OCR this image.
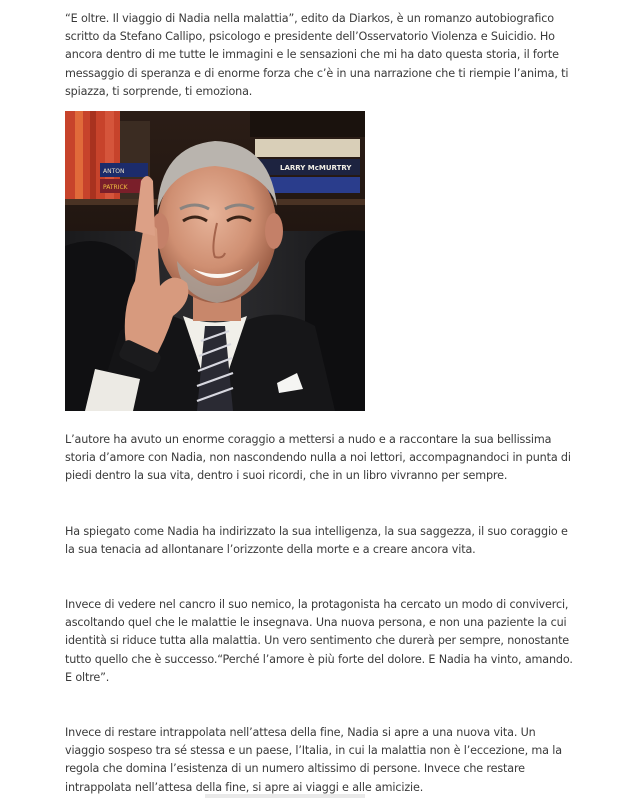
“E oltre. Il viaggio di Nadia nella malattia”, edito da Diarkos, è un romanzo autobiografico scritto da Stefano Callipo, psicologo e presidente dell’Osservatorio Violenza e Suicidio. Ho ancora dentro di me tutte le immagini e le sensazioni che mi ha dato questa storia, il forte messaggio di speranza e di enorme forza che c’è in una narrazione che ti riempie l’anima, ti spiazza, ti sorprende, ti emoziona.

ANTON
PATRICK
LARRY McMURTRY

L’autore ha avuto un enorme coraggio a mettersi a nudo e a raccontare la sua bellissima storia d’amore con Nadia, non nascondendo nulla a noi lettori, accompagnandoci in punta di piedi dentro la sua vita, dentro i suoi ricordi, che in un libro vivranno per sempre.

Ha spiegato come Nadia ha indirizzato la sua intelligenza, la sua saggezza, il suo coraggio e la sua tenacia ad allontanare l’orizzonte della morte e a creare ancora vita.

Invece di vedere nel cancro il suo nemico, la protagonista ha cercato un modo di conviverci, ascoltando quel che le malattie le insegnava. Una nuova persona, e non una paziente la cui identità si riduce tutta alla malattia. Un vero sentimento che durerà per sempre, nonostante tutto quello che è successo.“Perché l’amore è più forte del dolore. E Nadia ha vinto, amando. E oltre”.

Invece di restare intrappolata nell’attesa della fine, Nadia si apre a una nuova vita. Un viaggio sospeso tra sé stessa e un paese, l’Italia, in cui la malattia non è l’eccezione, ma la regola che domina l’esistenza di un numero altissimo di persone. Invece che restare intrappolata nell’attesa della fine, si apre ai viaggi e alle amicizie.
